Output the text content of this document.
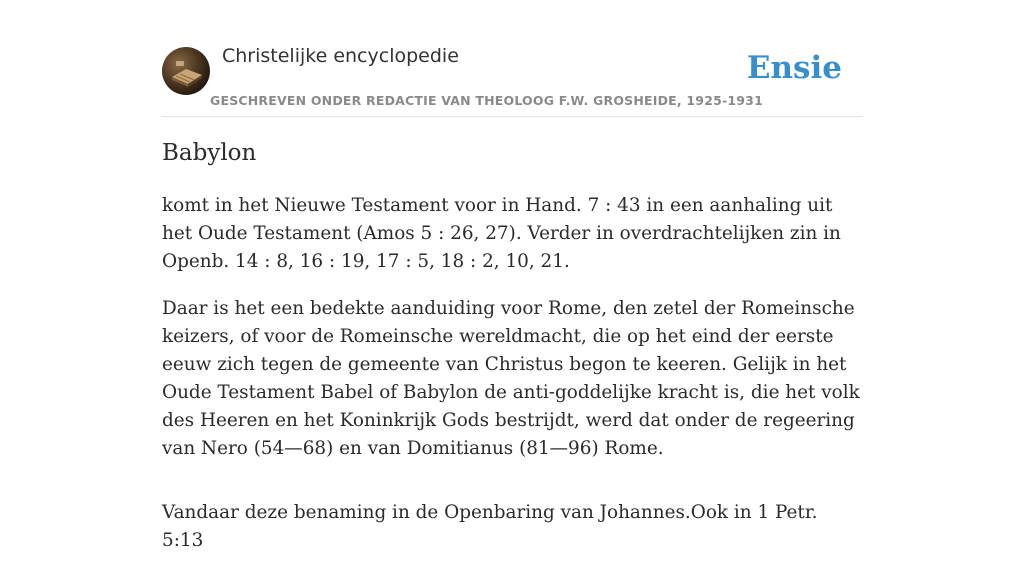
Christelijke encyclopedie
GESCHREVEN ONDER REDACTIE VAN THEOLOOG F.W. GROSHEIDE, 1925-1931
Ensie
Babylon

komt in het Nieuwe Testament voor in Hand. 7 : 43 in een aanhaling uit het Oude Testament (Amos 5 : 26, 27). Verder in overdrachtelijken zin in Openb. 14 : 8, 16 : 19, 17 : 5, 18 : 2, 10, 21.

Daar is het een bedekte aanduiding voor Rome, den zetel der Romeinsche keizers, of voor de Romeinsche wereldmacht, die op het eind der eerste eeuw zich tegen de gemeente van Christus begon te keeren. Gelijk in het Oude Testament Babel of Babylon de anti-goddelijke kracht is, die het volk des Heeren en het Koninkrijk Gods bestrijdt, werd dat onder de regeering van Nero (54—68) en van Domitianus (81—96) Rome.

Vandaar deze benaming in de Openbaring van Johannes.Ook in 1 Petr. 5:13
